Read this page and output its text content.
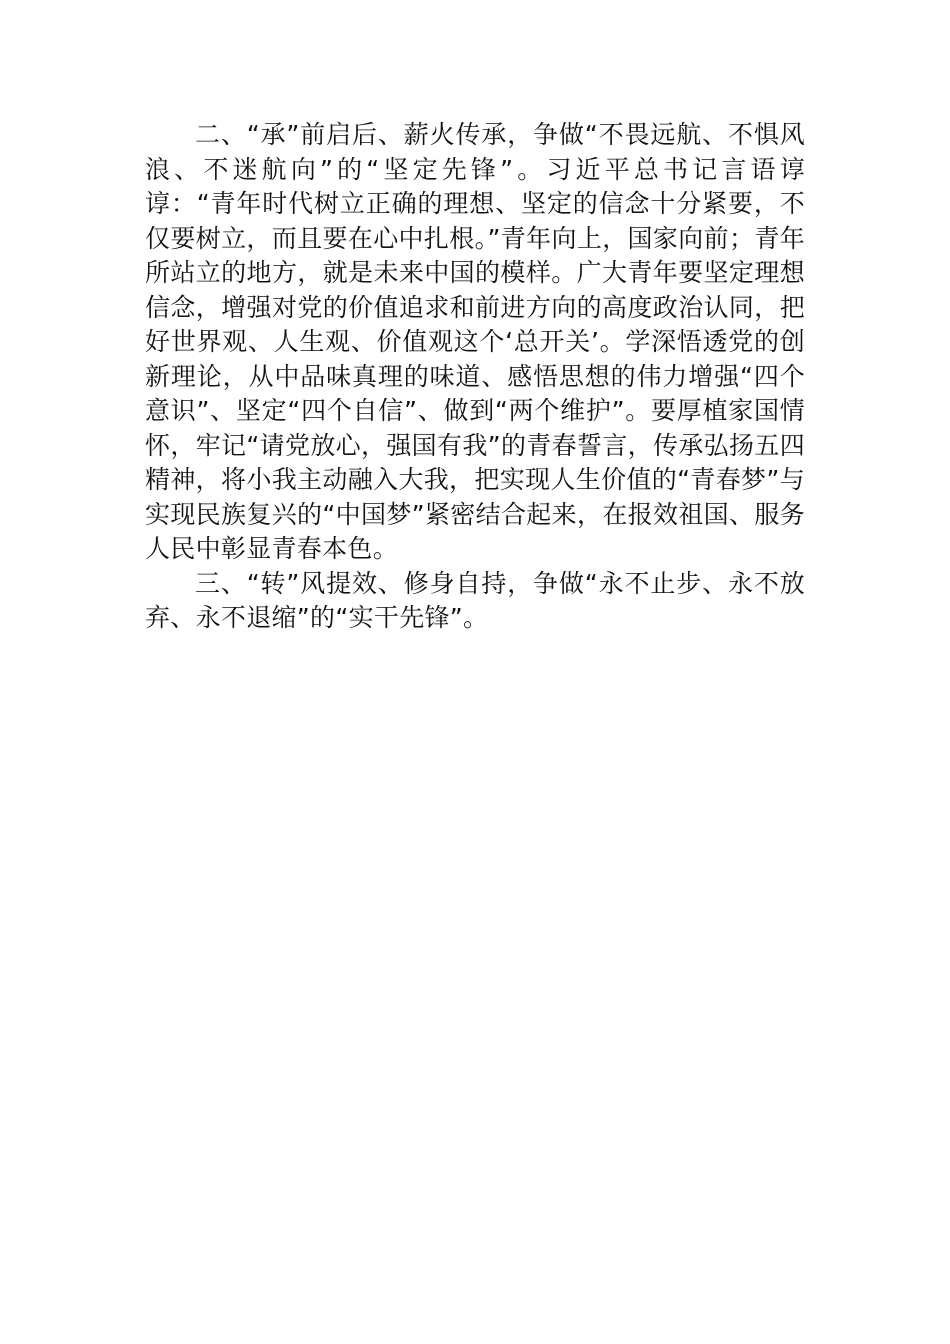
二、“承”前启后、薪火传承，争做“不畏远航、不惧风浪、不迷航向”的“坚定先锋”。习近平总书记言语谆谆：“青年时代树立正确的理想、坚定的信念十分紧要，不仅要树立，而且要在心中扎根。”青年向上，国家向前；青年所站立的地方，就是未来中国的模样。广大青年要坚定理想信念，增强对党的价值追求和前进方向的高度政治认同，把好世界观、人生观、价值观这个‘总开关’。学深悟透党的创新理论，从中品味真理的味道、感悟思想的伟力增强“四个意识”、坚定“四个自信”、做到“两个维护”。要厚植家国情怀，牢记“请党放心，强国有我”的青春誓言，传承弘扬五四精神，将小我主动融入大我，把实现人生价值的“青春梦”与实现民族复兴的“中国梦”紧密结合起来，在报效祖国、服务人民中彰显青春本色。

三、“转”风提效、修身自持，争做“永不止步、永不放弃、永不退缩”的“实干先锋”。
